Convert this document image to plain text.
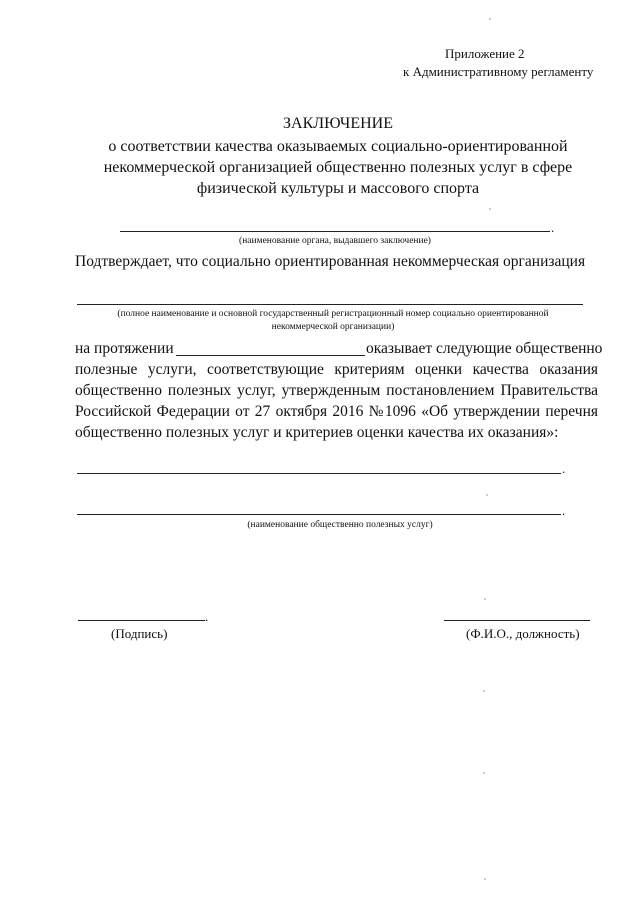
Приложение 2
к Административному регламенту
ЗАКЛЮЧЕНИЕ
о соответствии качества оказываемых социально-ориентированной
некоммерческой организацией общественно полезных услуг в сфере
физической культуры и массового спорта
.
(наименование органа, выдавшего заключение)
Подтверждает, что социально ориентированная некоммерческая организация
(полное наименование и основной государственный регистрационный номер социально ориентированной
некоммерческой организации)
на протяжении	оказывает следующие общественно
полезные услуги, соответствующие критериям оценки качества оказания
общественно полезных услуг, утвержденным постановлением Правительства
Российской Федерации от 27 октября 2016 №1096 «Об утверждении перечня
общественно полезных услуг и критериев оценки качества их оказания»:
.
.
(наименование общественно полезных услуг)
.
(Подпись)	(Ф.И.О., должность)
